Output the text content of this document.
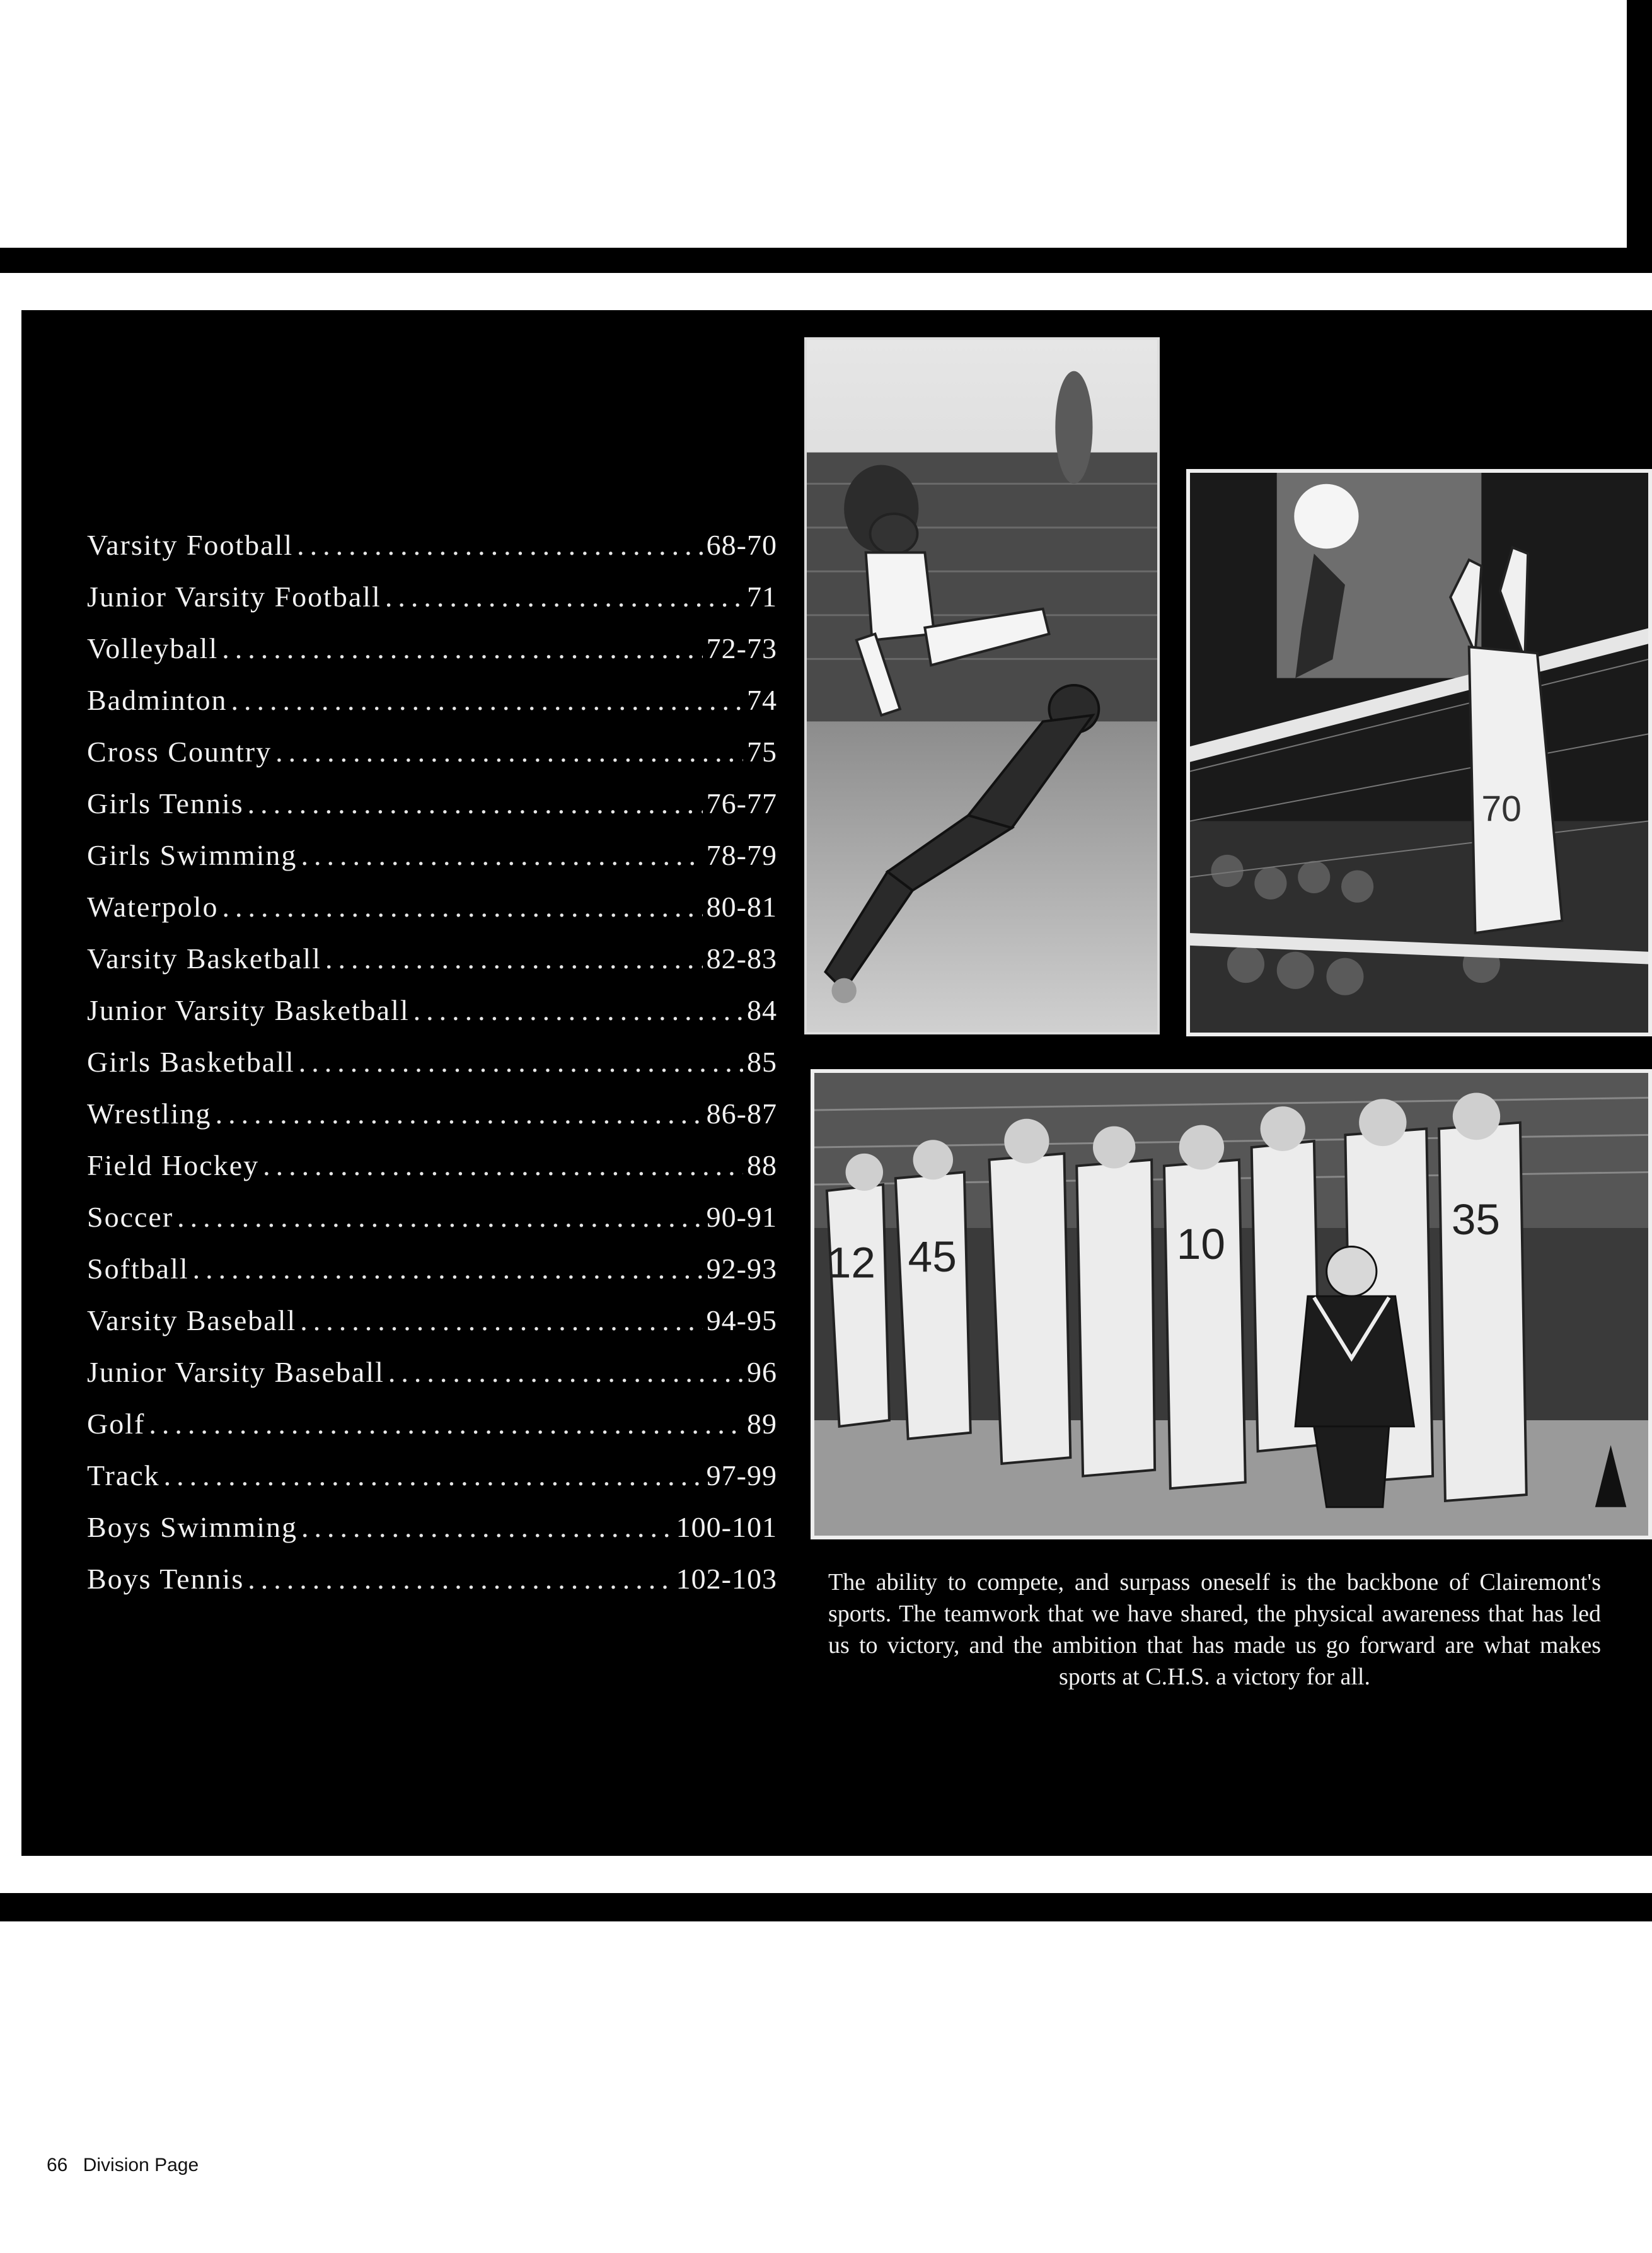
Varsity Football .....	68-70
Junior Varsity Football .....	71
Volleyball .....	72-73
Badminton .....	74
Cross Country .....	75
Girls Tennis .....	76-77
Girls Swimming .....	78-79
Waterpolo .....	80-81
Varsity Basketball .....	82-83
Junior Varsity Basketball .....	84
Girls Basketball .....	85
Wrestling .....	86-87
Field Hockey .....	88
Soccer .....	90-91
Softball .....	92-93
Varsity Baseball .....	94-95
Junior Varsity Baseball .....	96
Golf .....	89
Track .....	97-99
Boys Swimming .....	100-101
Boys Tennis .....	102-103
70
12 45	10
35

The ability to compete, and surpass oneself is the backbone of Clairemont's sports. The teamwork that we have shared, the physical awareness that has led us to victory, and the ambition that has made us go forward are what makes sports at C.H.S. a victory for all.

66 Division Page
